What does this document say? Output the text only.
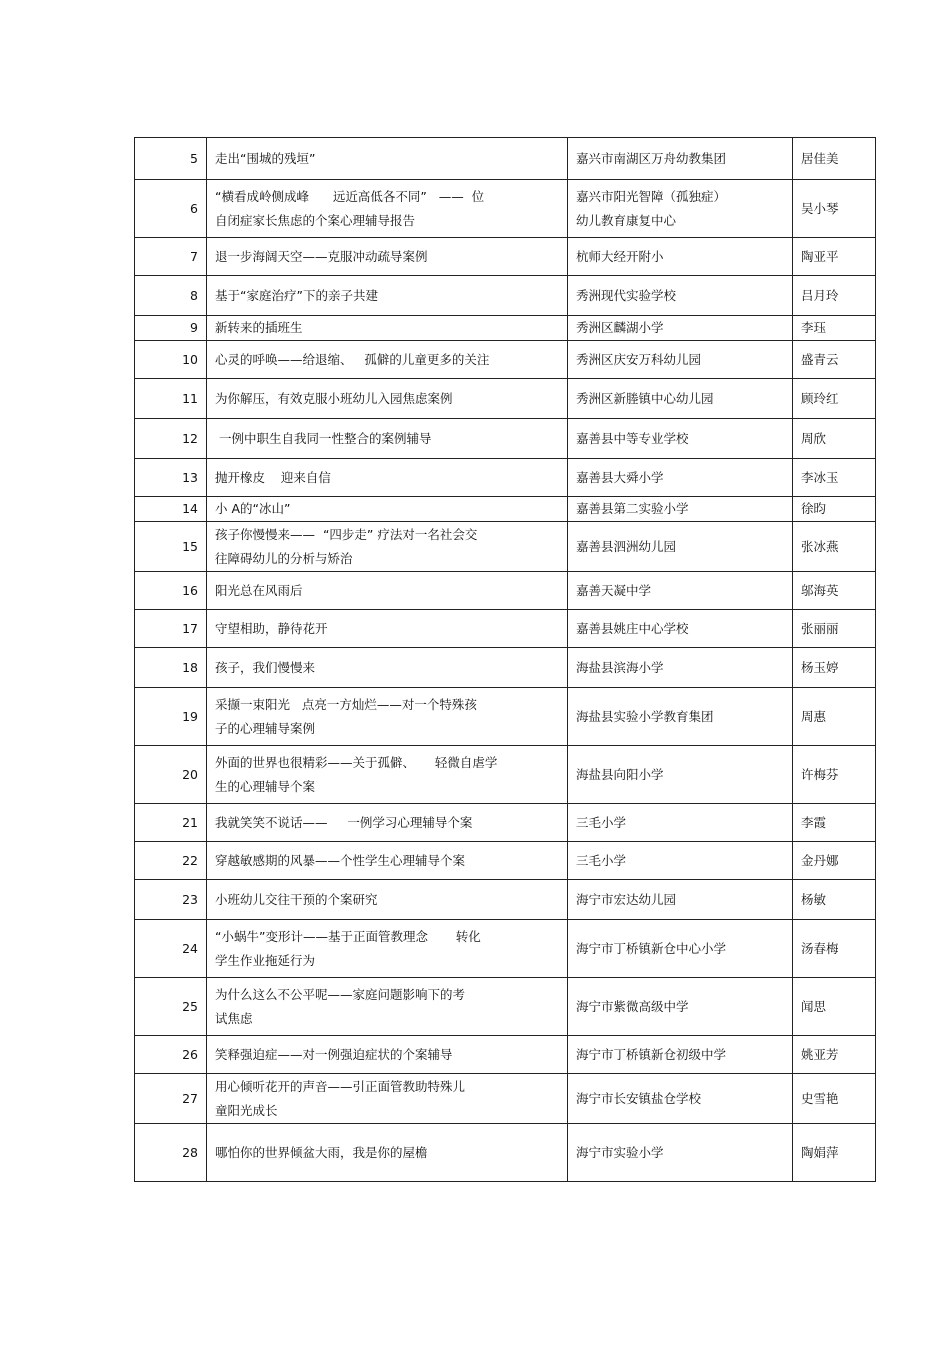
5	走出“围城的残垣”	嘉兴市南湖区万舟幼教集团	居佳美
6	“横看成岭侧成峰      远近高低各不同”   ——  位
自闭症家长焦虑的个案心理辅导报告	嘉兴市阳光智障（孤独症）
幼儿教育康复中心	吴小琴
7	退一步海阔天空——克服冲动疏导案例	杭师大经开附小	陶亚平
8	基于“家庭治疗”下的亲子共建	秀洲现代实验学校	吕月玲
9	新转来的插班生	秀洲区麟湖小学	李珏
10	心灵的呼唤——给退缩、   孤僻的儿童更多的关注	秀洲区庆安万科幼儿园	盛青云
11	为你解压，有效克服小班幼儿入园焦虑案例	秀洲区新塍镇中心幼儿园	顾玲红
12	一例中职生自我同一性整合的案例辅导	嘉善县中等专业学校	周欣
13	抛开橡皮    迎来自信	嘉善县大舜小学	李冰玉
14	小 A的“冰山”	嘉善县第二实验小学	徐昀
15	孩子你慢慢来——  “四步走” 疗法对一名社会交
往障碍幼儿的分析与矫治	嘉善县泗洲幼儿园	张冰燕
16	阳光总在风雨后	嘉善天凝中学	邬海英
17	守望相助，静待花开	嘉善县姚庄中心学校	张丽丽
18	孩子，我们慢慢来	海盐县滨海小学	杨玉婷
19	采撷一束阳光   点亮一方灿烂——对一个特殊孩
子的心理辅导案例	海盐县实验小学教育集团	周惠
20	外面的世界也很精彩——关于孤僻、     轻微自虐学
生的心理辅导个案	海盐县向阳小学	许梅芬
21	我就笑笑不说话——     一例学习心理辅导个案	三毛小学	李霞
22	穿越敏感期的风暴——个性学生心理辅导个案	三毛小学	金丹娜
23	小班幼儿交往干预的个案研究	海宁市宏达幼儿园	杨敏
24	“小蜗牛”变形计——基于正面管教理念       转化
学生作业拖延行为	海宁市丁桥镇新仓中心小学	汤春梅
25	为什么这么不公平呢——家庭问题影响下的考
试焦虑	海宁市紫微高级中学	闻思
26	笑释强迫症——对一例强迫症状的个案辅导	海宁市丁桥镇新仓初级中学	姚亚芳
27	用心倾听花开的声音——引正面管教助特殊儿
童阳光成长	海宁市长安镇盐仓学校	史雪艳
28	哪怕你的世界倾盆大雨，我是你的屋檐	海宁市实验小学	陶娟萍
